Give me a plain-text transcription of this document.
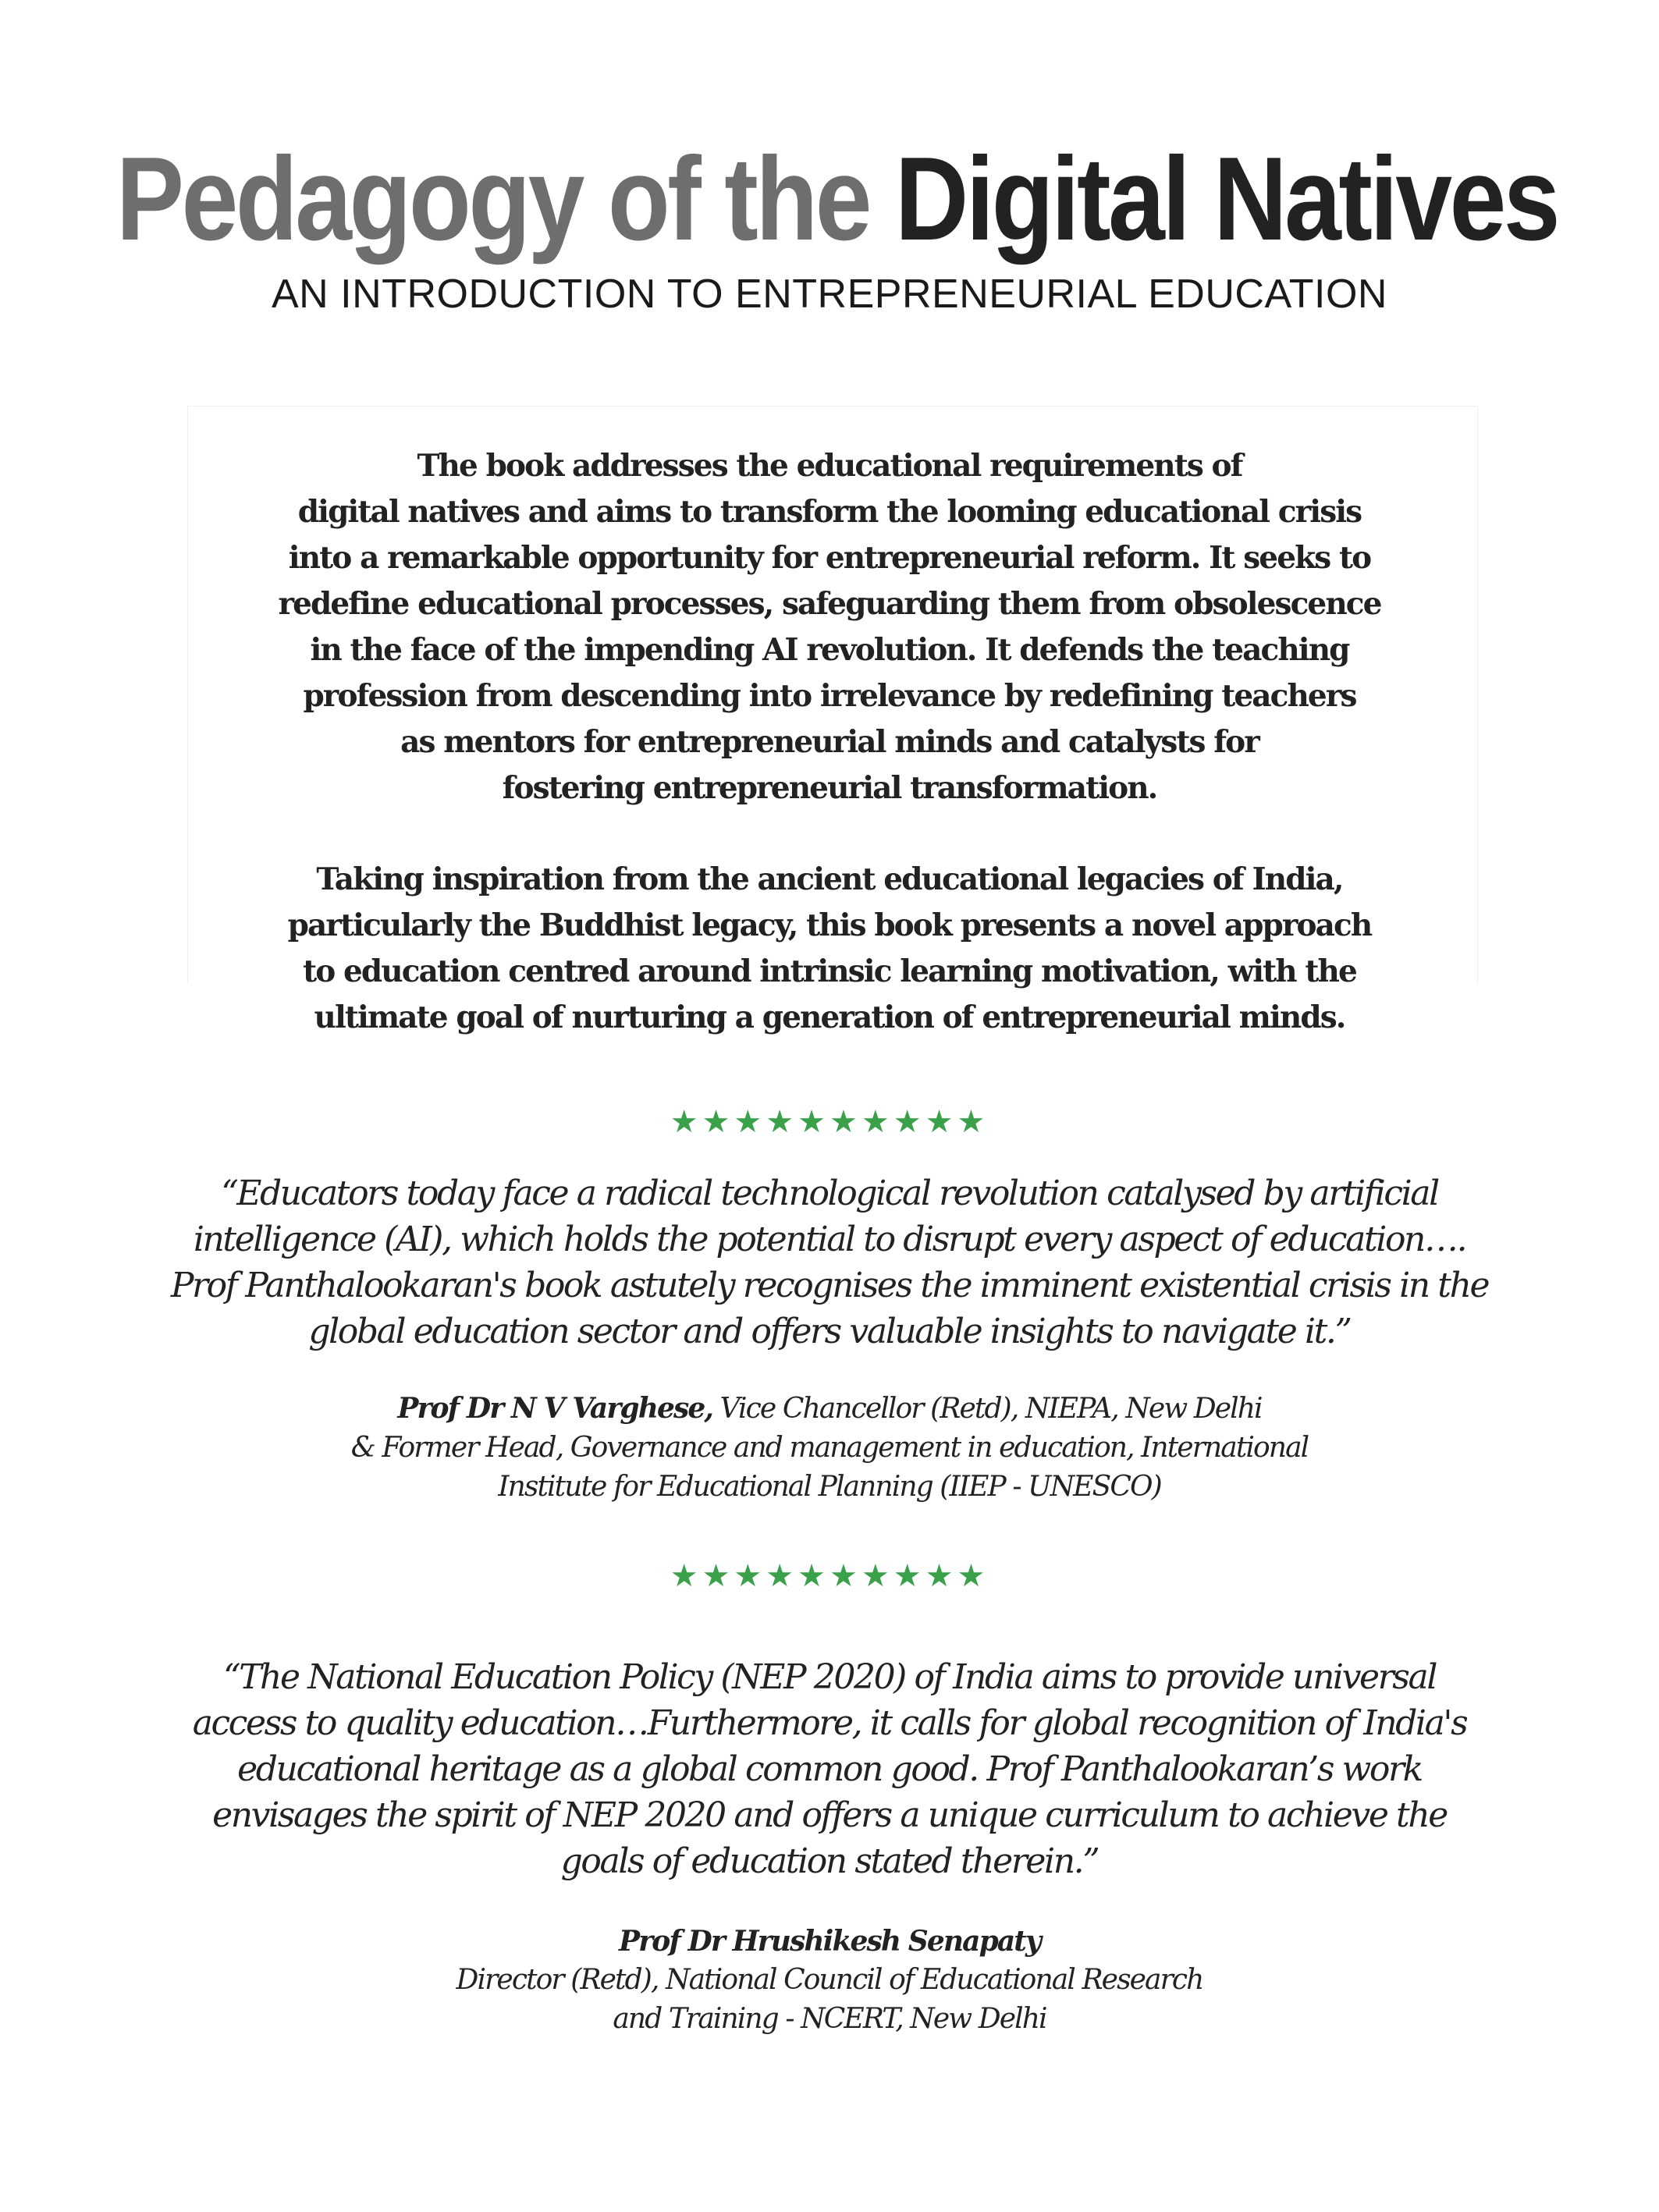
Pedagogy of the Digital Natives
AN INTRODUCTION TO ENTREPRENEURIAL EDUCATION
The book addresses the educational requirements of
digital natives and aims to transform the looming educational crisis
into a remarkable opportunity for entrepreneurial reform. It seeks to
redefine educational processes, safeguarding them from obsolescence
in the face of the impending AI revolution. It defends the teaching
profession from descending into irrelevance by redefining teachers
as mentors for entrepreneurial minds and catalysts for
fostering entrepreneurial transformation.
Taking inspiration from the ancient educational legacies of India,
particularly the Buddhist legacy, this book presents a novel approach
to education centred around intrinsic learning motivation, with the
ultimate goal of nurturing a generation of entrepreneurial minds.
★★★★★★★★★★
“Educators today face a radical technological revolution catalysed by artificial
intelligence (AI), which holds the potential to disrupt every aspect of education….
Prof Panthalookaran's book astutely recognises the imminent existential crisis in the
global education sector and offers valuable insights to navigate it.”
Prof Dr N V Varghese, Vice Chancellor (Retd), NIEPA, New Delhi
& Former Head, Governance and management in education, International
Institute for Educational Planning (IIEP - UNESCO)
★★★★★★★★★★
“The National Education Policy (NEP 2020) of India aims to provide universal
access to quality education…Furthermore, it calls for global recognition of India's
educational heritage as a global common good. Prof Panthalookaran’s work
envisages the spirit of NEP 2020 and offers a unique curriculum to achieve the
goals of education stated therein.”
Prof Dr Hrushikesh Senapaty
Director (Retd), National Council of Educational Research
and Training - NCERT, New Delhi
